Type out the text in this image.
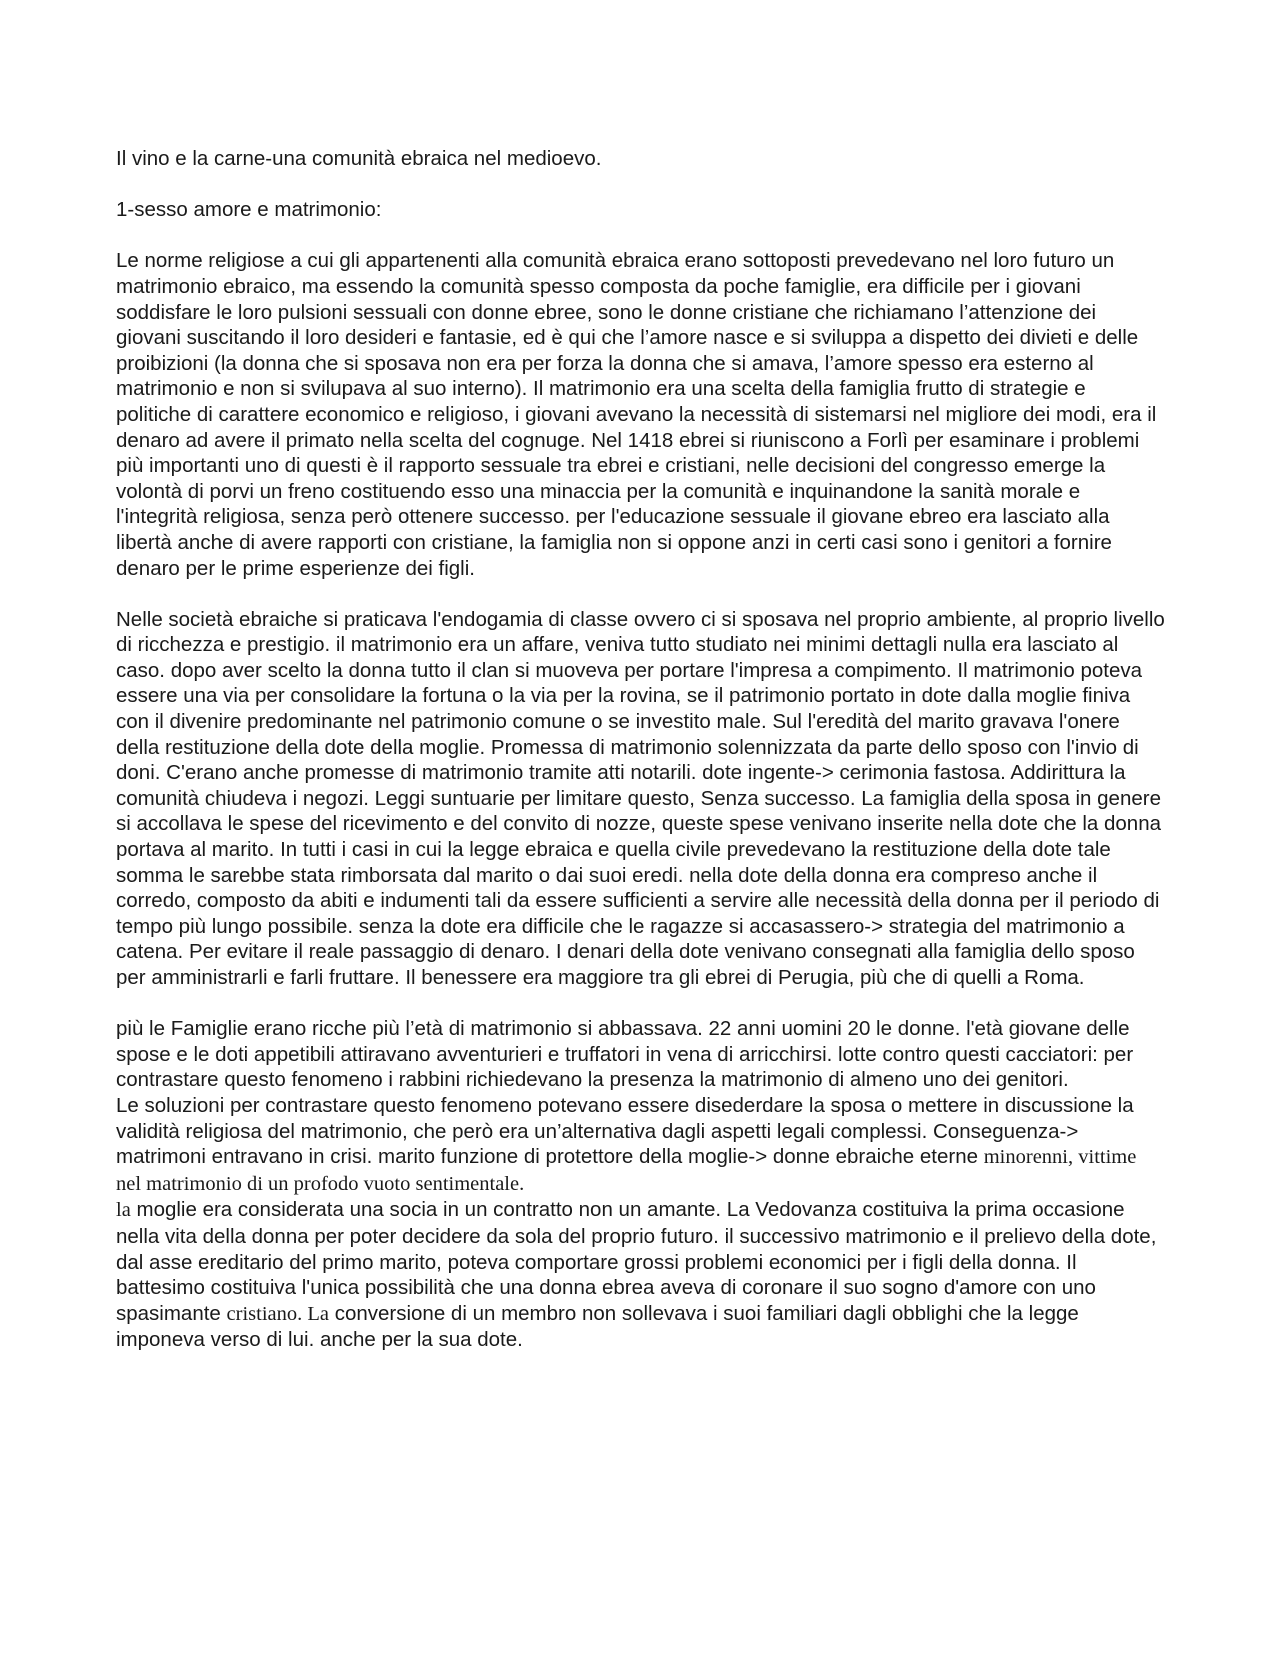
Il vino e la carne-una comunità ebraica nel medioevo.

1-sesso amore e matrimonio:

Le norme religiose a cui gli appartenenti alla comunità ebraica erano sottoposti prevedevano nel loro futuro un matrimonio ebraico, ma essendo la comunità spesso composta da poche famiglie, era difficile per i giovani soddisfare le loro pulsioni sessuali con donne ebree, sono le donne cristiane che richiamano l’attenzione dei giovani suscitando il loro desideri e fantasie, ed è qui che l’amore nasce e si sviluppa a dispetto dei divieti e delle proibizioni (la donna che si sposava non era per forza la donna che si amava, l’amore spesso era esterno al matrimonio e non si svilupava al suo interno). Il matrimonio era una scelta della famiglia frutto di strategie e politiche di carattere economico e religioso, i giovani avevano la necessità di sistemarsi nel migliore dei modi, era il denaro ad avere il primato nella scelta del cognuge. Nel 1418 ebrei si riuniscono a Forlì per esaminare i problemi più importanti uno di questi è il rapporto sessuale tra ebrei e cristiani, nelle decisioni del congresso emerge la volontà di porvi un freno costituendo esso una minaccia per la comunità e inquinandone la sanità morale e l'integrità religiosa, senza però ottenere successo. per l'educazione sessuale il giovane ebreo era lasciato alla libertà anche di avere rapporti con cristiane, la famiglia non si oppone anzi in certi casi sono i genitori a fornire denaro per le prime esperienze dei figli.

Nelle società ebraiche si praticava l'endogamia di classe ovvero ci si sposava nel proprio ambiente, al proprio livello di ricchezza e prestigio. il matrimonio era un affare, veniva tutto studiato nei minimi dettagli nulla era lasciato al caso. dopo aver scelto la donna tutto il clan si muoveva per portare l'impresa a compimento. Il matrimonio poteva essere una via per consolidare la fortuna o la via per la rovina, se il patrimonio portato in dote dalla moglie finiva con il divenire predominante nel patrimonio comune o se investito male. Sul l'eredità del marito gravava l'onere della restituzione della dote della moglie. Promessa di matrimonio solennizzata da parte dello sposo con l'invio di doni. C'erano anche promesse di matrimonio tramite atti notarili. dote ingente-> cerimonia fastosa. Addirittura la comunità chiudeva i negozi. Leggi suntuarie per limitare questo, Senza successo. La famiglia della sposa in genere si accollava le spese del ricevimento e del convito di nozze, queste spese venivano inserite nella dote che la donna portava al marito. In tutti i casi in cui la legge ebraica e quella civile prevedevano la restituzione della dote tale somma le sarebbe stata rimborsata dal marito o dai suoi eredi. nella dote della donna era compreso anche il corredo, composto da abiti e indumenti tali da essere sufficienti a servire alle necessità della donna per il periodo di tempo più lungo possibile. senza la dote era difficile che le ragazze si accasassero-> strategia del matrimonio a catena. Per evitare il reale passaggio di denaro. I denari della dote venivano consegnati alla famiglia dello sposo per amministrarli e farli fruttare. Il benessere era maggiore tra gli ebrei di Perugia, più che di quelli a Roma.

più le Famiglie erano ricche più l’età di matrimonio si abbassava. 22 anni uomini 20 le donne. l'età giovane delle spose e le doti appetibili attiravano avventurieri e truffatori in vena di arricchirsi. lotte contro questi cacciatori: per contrastare questo fenomeno i rabbini richiedevano la presenza la matrimonio di almeno uno dei genitori.

Le soluzioni per contrastare questo fenomeno potevano essere disederdare la sposa o mettere in discussione la validità religiosa del matrimonio, che però era un’alternativa dagli aspetti legali complessi. Conseguenza-> matrimoni entravano in crisi. marito funzione di protettore della moglie-> donne ebraiche eterne minorenni, vittime nel matrimonio di un profodo vuoto sentimentale.

la moglie era considerata una socia in un contratto non un amante. La Vedovanza costituiva la prima occasione nella vita della donna per poter decidere da sola del proprio futuro. il successivo matrimonio e il prelievo della dote, dal asse ereditario del primo marito, poteva comportare grossi problemi economici per i figli della donna. Il battesimo costituiva l'unica possibilità che una donna ebrea aveva di coronare il suo sogno d'amore con uno spasimante cristiano. La conversione di un membro non sollevava i suoi familiari dagli obblighi che la legge imponeva verso di lui. anche per la sua dote.
